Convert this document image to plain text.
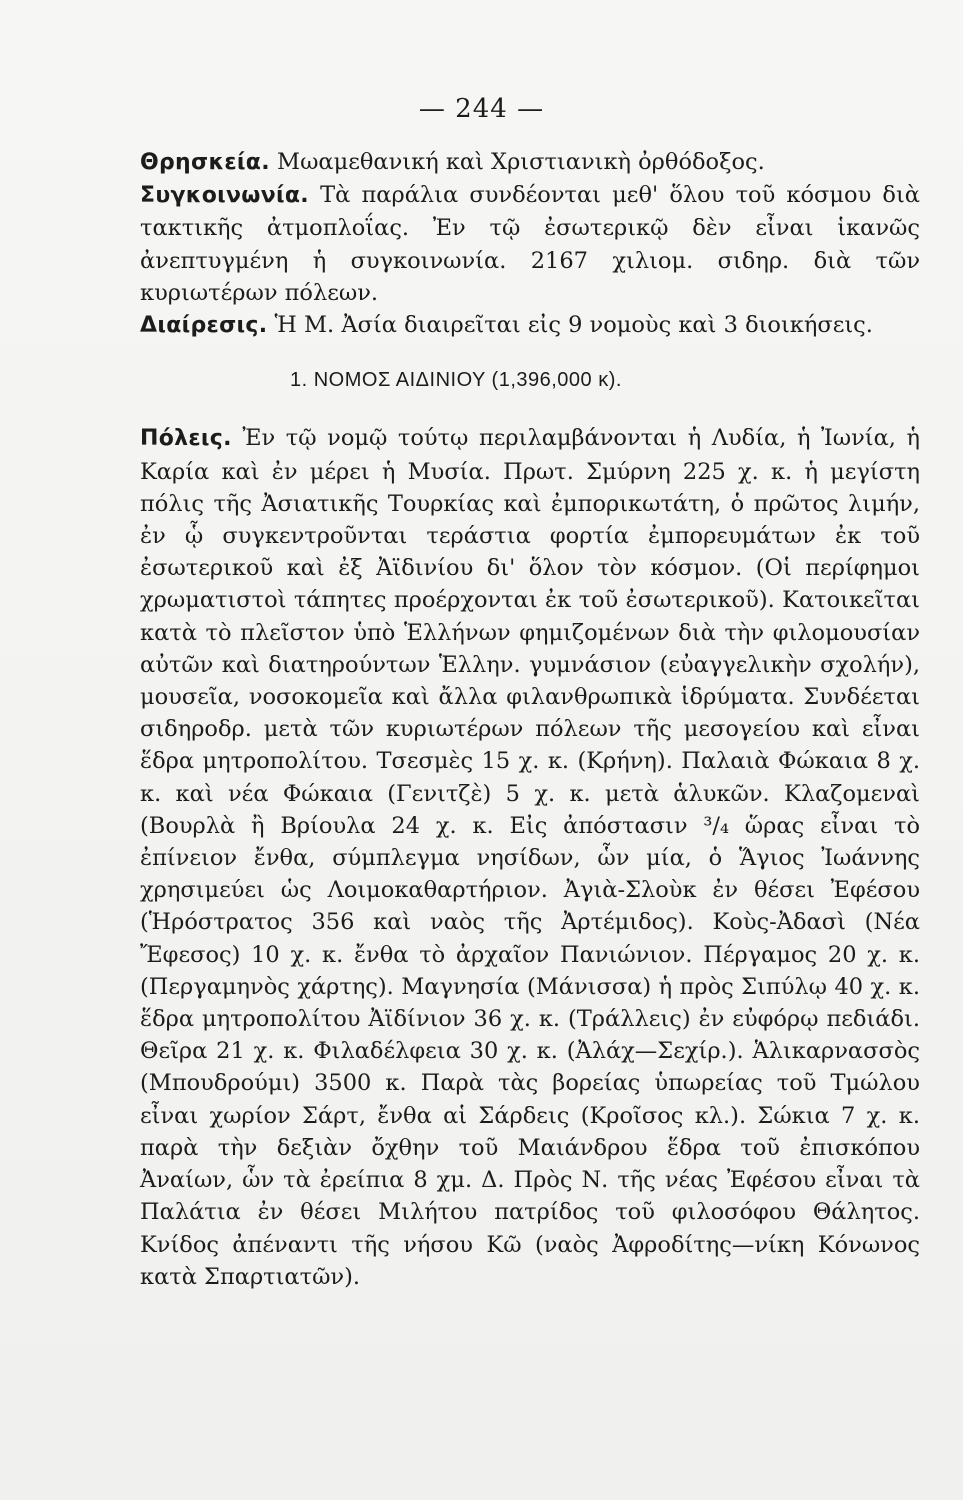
— 244 —

Θρησκεία. Μωαμεθανική καὶ Χριστιανικὴ ὀρθόδοξος.

Συγκοινωνία. Τὰ παράλια συνδέονται μεθ' ὅλου τοῦ κόσμου διὰ τακτικῆς ἀτμοπλοΐας. Ἐν τῷ ἐσωτερικῷ δὲν εἶναι ἱκανῶς ἀνεπτυγμένη ἡ συγκοινωνία. 2167 χιλιομ. σιδηρ. διὰ τῶν κυριωτέρων πόλεων.

Διαίρεσις. Ἡ Μ. Ἀσία διαιρεῖται εἰς 9 νομοὺς καὶ 3 διοικήσεις.

1. ΝΟΜΟΣ ΑΙΔΙΝΙΟΥ (1,396,000 κ).

Πόλεις. Ἐν τῷ νομῷ τούτῳ περιλαμβάνονται ἡ Λυδία, ἡ Ἰωνία, ἡ Καρία καὶ ἐν μέρει ἡ Μυσία. Πρωτ. Σμύρνη 225 χ. κ. ἡ μεγίστη πόλις τῆς Ἀσιατικῆς Τουρκίας καὶ ἐμπορικωτάτη, ὁ πρῶτος λιμήν, ἐν ᾧ συγκεντροῦνται τεράστια φορτία ἐμπορευμάτων ἐκ τοῦ ἐσωτερικοῦ καὶ ἐξ Ἀϊδινίου δι' ὅλον τὸν κόσμον. (Οἱ περίφημοι χρωματιστοὶ τάπητες προέρχονται ἐκ τοῦ ἐσωτερικοῦ). Κατοικεῖται κατὰ τὸ πλεῖστον ὑπὸ Ἑλλήνων φημιζομένων διὰ τὴν φιλομουσίαν αὐτῶν καὶ διατηρούντων Ἑλλην. γυμνάσιον (εὐαγγελικὴν σχολήν), μουσεῖα, νοσοκομεῖα καὶ ἄλλα φιλανθρωπικὰ ἱδρύματα. Συνδέεται σιδηροδρ. μετὰ τῶν κυριωτέρων πόλεων τῆς μεσογείου καὶ εἶναι ἕδρα μητροπολίτου. Τσεσμὲς 15 χ. κ. (Κρήνη). Παλαιὰ Φώκαια 8 χ. κ. καὶ νέα Φώκαια (Γενιτζὲ) 5 χ. κ. μετὰ ἁλυκῶν. Κλαζομεναὶ (Βουρλὰ ἢ Βρίουλα 24 χ. κ. Εἰς ἀπόστασιν ³/₄ ὥρας εἶναι τὸ ἐπίνειον ἔνθα, σύμπλεγμα νησίδων, ὧν μία, ὁ Ἅγιος Ἰωάννης χρησιμεύει ὡς Λοιμοκαθαρτήριον. Ἀγιὰ-Σλοὺκ ἐν θέσει Ἐφέσου (Ἡρόστρατος 356 καὶ ναὸς τῆς Ἀρτέμιδος). Κοὺς-Ἀδασὶ (Νέα Ἔφεσος) 10 χ. κ. ἔνθα τὸ ἀρχαῖον Πανιώνιον. Πέργαμος 20 χ. κ. (Περγαμηνὸς χάρτης). Μαγνησία (Μάνισσα) ἡ πρὸς Σιπύλῳ 40 χ. κ. ἕδρα μητροπολίτου Ἀϊδίνιον 36 χ. κ. (Τράλλεις) ἐν εὐφόρῳ πεδιάδι. Θεῖρα 21 χ. κ. Φιλαδέλφεια 30 χ. κ. (Ἀλάχ—Σεχίρ.). Ἁλικαρνασσὸς (Μπουδρούμι) 3500 κ. Παρὰ τὰς βορείας ὑπωρείας τοῦ Τμώλου εἶναι χωρίον Σάρτ, ἔνθα αἱ Σάρδεις (Κροῖσος κλ.). Σώκια 7 χ. κ. παρὰ τὴν δεξιὰν ὄχθην τοῦ Μαιάνδρου ἕδρα τοῦ ἐπισκόπου Ἀναίων, ὧν τὰ ἐρείπια 8 χμ. Δ. Πρὸς Ν. τῆς νέας Ἐφέσου εἶναι τὰ Παλάτια ἐν θέσει Μιλήτου πατρίδος τοῦ φιλοσόφου Θάλητος. Κνίδος ἀπέναντι τῆς νήσου Κῶ (ναὸς Ἀφροδίτης—νίκη Κόνωνος κατὰ Σπαρτιατῶν).
